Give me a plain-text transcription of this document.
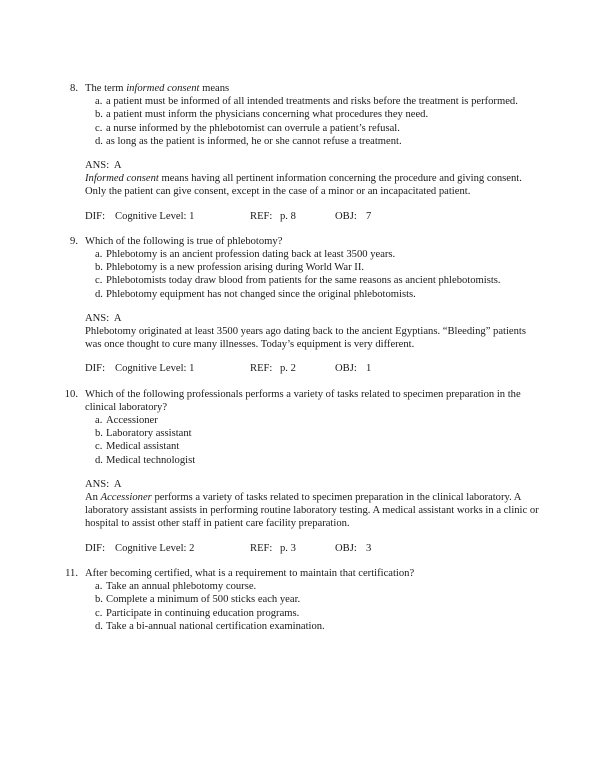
8. The term informed consent means
a. a patient must be informed of all intended treatments and risks before the treatment is performed.
b. a patient must inform the physicians concerning what procedures they need.
c. a nurse informed by the phlebotomist can overrule a patient’s refusal.
d. as long as the patient is informed, he or she cannot refuse a treatment.
ANS: A
Informed consent means having all pertinent information concerning the procedure and giving consent. Only the patient can give consent, except in the case of a minor or an incapacitated patient.
DIF: Cognitive Level: 1	REF: p. 8	OBJ: 7
9. Which of the following is true of phlebotomy?
a. Phlebotomy is an ancient profession dating back at least 3500 years.
b. Phlebotomy is a new profession arising during World War II.
c. Phlebotomists today draw blood from patients for the same reasons as ancient phlebotomists.
d. Phlebotomy equipment has not changed since the original phlebotomists.
ANS: A
Phlebotomy originated at least 3500 years ago dating back to the ancient Egyptians. “Bleeding” patients was once thought to cure many illnesses. Today’s equipment is very different.
DIF: Cognitive Level: 1	REF: p. 2	OBJ: 1
10. Which of the following professionals performs a variety of tasks related to specimen preparation in the clinical laboratory?
a. Accessioner
b. Laboratory assistant
c. Medical assistant
d. Medical technologist
ANS: A
An Accessioner performs a variety of tasks related to specimen preparation in the clinical laboratory. A laboratory assistant assists in performing routine laboratory testing. A medical assistant works in a clinic or hospital to assist other staff in patient care facility preparation.
DIF: Cognitive Level: 2	REF: p. 3	OBJ: 3
11. After becoming certified, what is a requirement to maintain that certification?
a. Take an annual phlebotomy course.
b. Complete a minimum of 500 sticks each year.
c. Participate in continuing education programs.
d. Take a bi-annual national certification examination.
